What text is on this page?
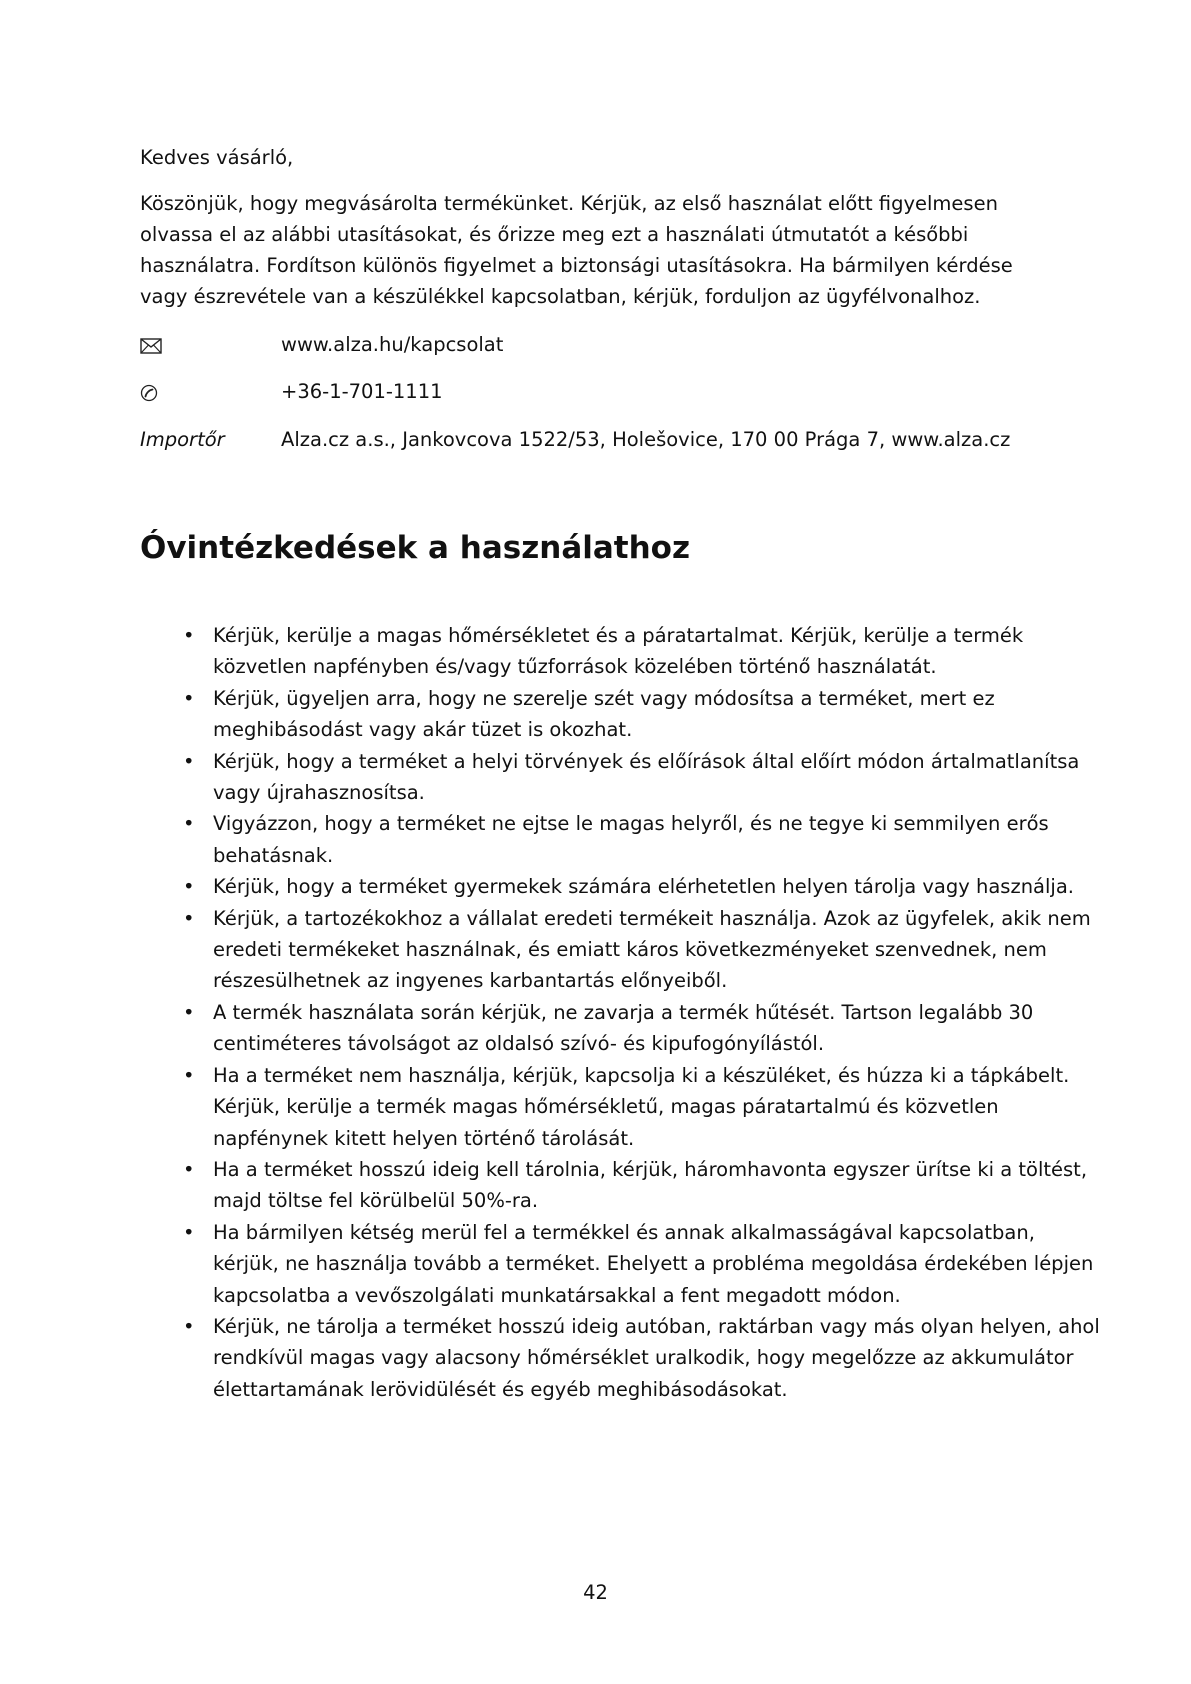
Kedves vásárló,

Köszönjük, hogy megvásárolta termékünket. Kérjük, az első használat előtt figyelmesen olvassa el az alábbi utasításokat, és őrizze meg ezt a használati útmutatót a későbbi használatra. Fordítson különös figyelmet a biztonsági utasításokra. Ha bármilyen kérdése vagy észrevétele van a készülékkel kapcsolatban, kérjük, forduljon az ügyfélvonalhoz.

www.alza.hu/kapcsolat
+36-1-701-1111
Importőr	Alza.cz a.s., Jankovcova 1522/53, Holešovice, 170 00 Prága 7, www.alza.cz
Óvintézkedések a használathoz
• Kérjük, kerülje a magas hőmérsékletet és a páratartalmat. Kérjük, kerülje a termék közvetlen napfényben és/vagy tűzforrások közelében történő használatát.
• Kérjük, ügyeljen arra, hogy ne szerelje szét vagy módosítsa a terméket, mert ez meghibásodást vagy akár tüzet is okozhat.
• Kérjük, hogy a terméket a helyi törvények és előírások által előírt módon ártalmatlanítsa vagy újrahasznosítsa.
• Vigyázzon, hogy a terméket ne ejtse le magas helyről, és ne tegye ki semmilyen erős behatásnak.
• Kérjük, hogy a terméket gyermekek számára elérhetetlen helyen tárolja vagy használja.
• Kérjük, a tartozékokhoz a vállalat eredeti termékeit használja. Azok az ügyfelek, akik nem eredeti termékeket használnak, és emiatt káros következményeket szenvednek, nem részesülhetnek az ingyenes karbantartás előnyeiből.
• A termék használata során kérjük, ne zavarja a termék hűtését. Tartson legalább 30 centiméteres távolságot az oldalsó szívó- és kipufogónyílástól.
• Ha a terméket nem használja, kérjük, kapcsolja ki a készüléket, és húzza ki a tápkábelt. Kérjük, kerülje a termék magas hőmérsékletű, magas páratartalmú és közvetlen napfénynek kitett helyen történő tárolását.
• Ha a terméket hosszú ideig kell tárolnia, kérjük, háromhavonta egyszer ürítse ki a töltést, majd töltse fel körülbelül 50%-ra.
• Ha bármilyen kétség merül fel a termékkel és annak alkalmasságával kapcsolatban, kérjük, ne használja tovább a terméket. Ehelyett a probléma megoldása érdekében lépjen kapcsolatba a vevőszolgálati munkatársakkal a fent megadott módon.
• Kérjük, ne tárolja a terméket hosszú ideig autóban, raktárban vagy más olyan helyen, ahol rendkívül magas vagy alacsony hőmérséklet uralkodik, hogy megelőzze az akkumulátor élettartamának lerövidülését és egyéb meghibásodásokat.
42
